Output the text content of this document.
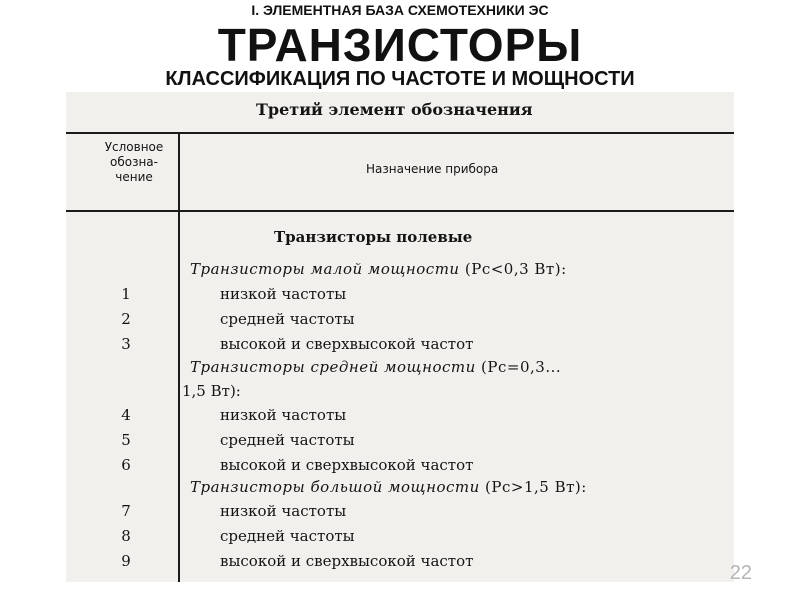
I. ЭЛЕМЕНТНАЯ БАЗА СХЕМОТЕХНИКИ ЭС
ТРАНЗИСТОРЫ
КЛАССИФИКАЦИЯ ПО ЧАСТОТЕ И МОЩНОСТИ
Третий элемент обозначения
Условное
обозна-
чение
Назначение прибора
Транзисторы полевые
Транзисторы малой мощности (Pc<0,3 Вт):
1	низкой частоты
2	средней частоты
3	высокой и сверхвысокой частот
Транзисторы средней мощности (Pc=0,3...
1,5 Вт):
4	низкой частоты
5	средней частоты
6	высокой и сверхвысокой частот
Транзисторы большой мощности (Pc>1,5 Вт):
7	низкой частоты
8	средней частоты
9	высокой и сверхвысокой частот
22
